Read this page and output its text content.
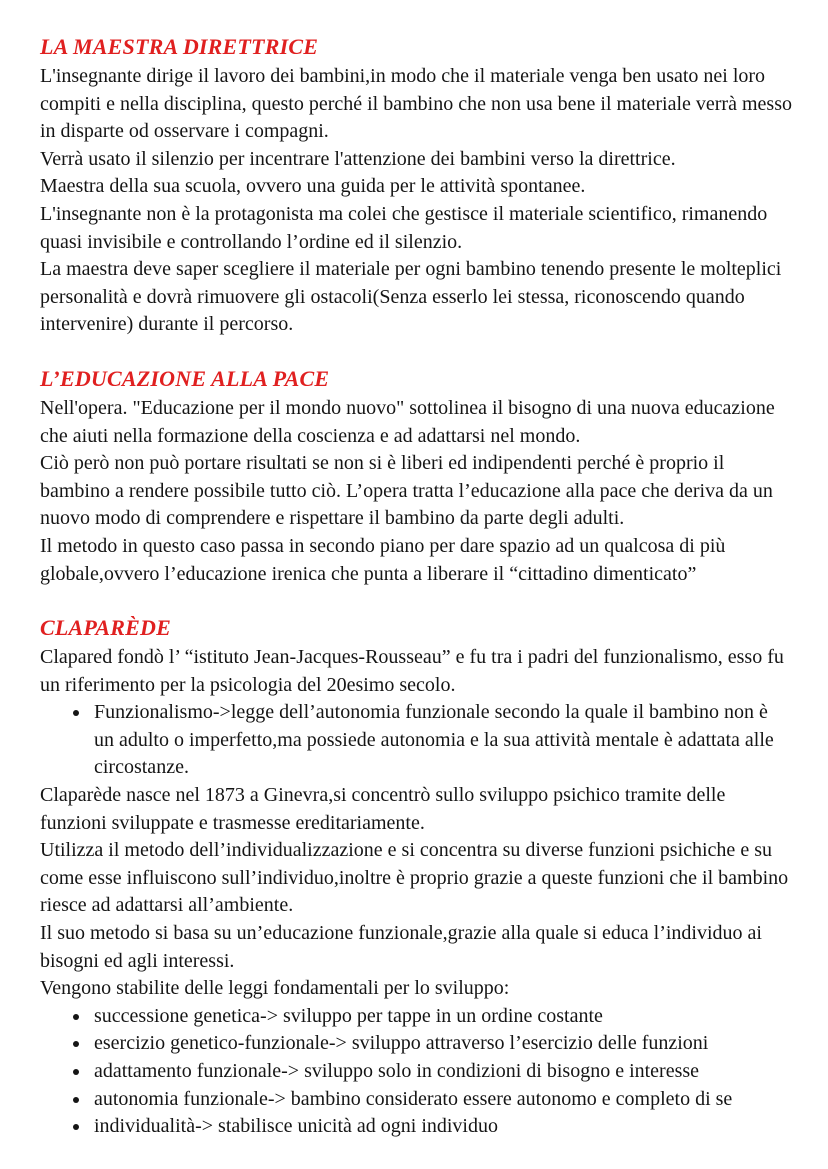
LA MAESTRA DIRETTRICE

L'insegnante dirige il lavoro dei bambini,in modo che il materiale venga ben usato nei loro compiti e nella disciplina, questo perché il bambino che non usa bene il materiale verrà messo in disparte od osservare i compagni.

Verrà usato il silenzio per incentrare l'attenzione dei bambini verso la direttrice.

Maestra della sua scuola, ovvero una guida per le attività spontanee.

L'insegnante non è la protagonista ma colei che gestisce il materiale scientifico, rimanendo quasi invisibile e controllando l’ordine ed il silenzio.

La maestra deve saper scegliere il materiale per ogni bambino tenendo presente le molteplici personalità e dovrà rimuovere gli ostacoli(Senza esserlo lei stessa, riconoscendo quando intervenire) durante il percorso.

L’EDUCAZIONE ALLA PACE

Nell'opera. "Educazione per il mondo nuovo" sottolinea il bisogno di una nuova educazione che aiuti nella formazione della coscienza e ad adattarsi nel mondo.

Ciò però non può portare risultati se non si è liberi ed indipendenti perché è proprio il bambino a rendere possibile tutto ciò. L’opera tratta l’educazione alla pace che deriva da un nuovo modo di comprendere e rispettare il bambino da parte degli adulti.

Il metodo in questo caso passa in secondo piano per dare spazio ad un qualcosa di più globale,ovvero l’educazione irenica che punta a liberare il “cittadino dimenticato”

CLAPARÈDE

Clapared fondò l’ “istituto Jean-Jacques-Rousseau” e fu tra i padri del funzionalismo, esso fu un riferimento per la psicologia del 20esimo secolo.

• Funzionalismo->legge dell’autonomia funzionale secondo la quale il bambino non è un adulto o imperfetto,ma possiede autonomia e la sua attività mentale è adattata alle circostanze.

Claparède nasce nel 1873 a Ginevra,si concentrò sullo sviluppo psichico tramite delle funzioni sviluppate e trasmesse ereditariamente.

Utilizza il metodo dell’individualizzazione e si concentra su diverse funzioni psichiche e su come esse influiscono sull’individuo,inoltre è proprio grazie a queste funzioni che il bambino riesce ad adattarsi all’ambiente.

Il suo metodo si basa su un’educazione funzionale,grazie alla quale si educa l’individuo ai bisogni ed agli interessi.

Vengono stabilite delle leggi fondamentali per lo sviluppo:

• successione genetica-> sviluppo per tappe in un ordine costante
• esercizio genetico-funzionale-> sviluppo attraverso l’esercizio delle funzioni
• adattamento funzionale-> sviluppo solo in condizioni di bisogno e interesse
• autonomia funzionale-> bambino considerato essere autonomo e completo di se
• individualità-> stabilisce unicità ad ogni individuo
